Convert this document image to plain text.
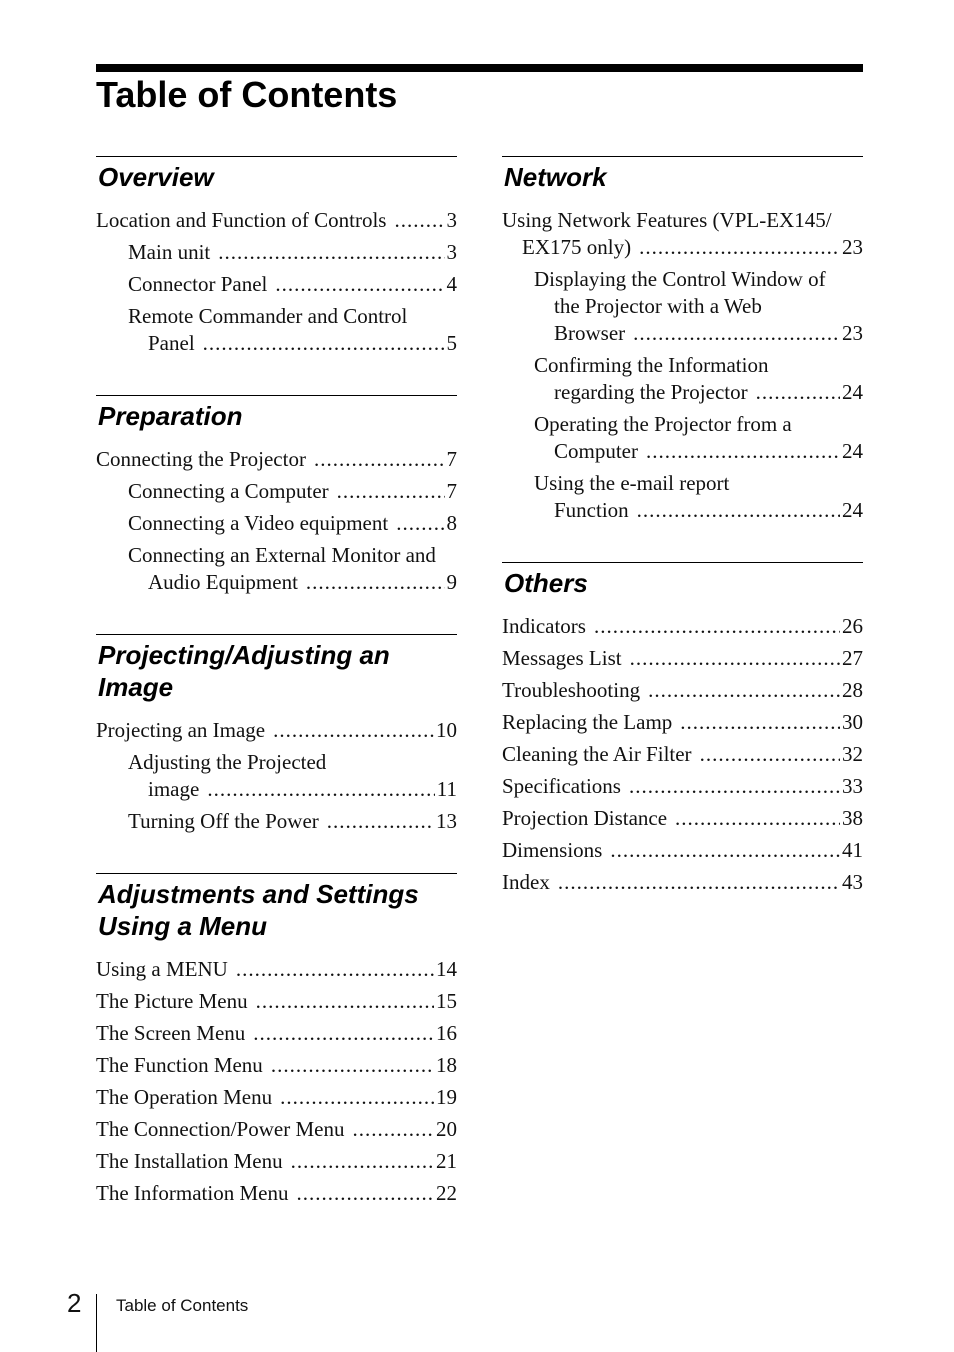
Table of Contents
Overview
Location and Function of Controls .....	3
Main unit .....	3
Connector Panel .....	4
Remote Commander and Control
Panel .....	5
Preparation
Connecting the Projector .....	7
Connecting a Computer .....	7
Connecting a Video equipment .....	8
Connecting an External Monitor and
Audio Equipment .....	9
Projecting/Adjusting an Image
Projecting an Image .....	10
Adjusting the Projected
image .....	11
Turning Off the Power .....	13
Adjustments and Settings Using a Menu
Using a MENU .....	14
The Picture Menu .....	15
The Screen Menu .....	16
The Function Menu .....	18
The Operation Menu .....	19
The Connection/Power Menu .....	20
The Installation Menu .....	21
The Information Menu .....	22
Network
Using Network Features (VPL-EX145/
EX175 only) .....	23
Displaying the Control Window of
the Projector with a Web
Browser .....	23
Confirming the Information
regarding the Projector .....	24
Operating the Projector from a
Computer .....	24
Using the e-mail report
Function .....	24
Others
Indicators .....	26
Messages List .....	27
Troubleshooting .....	28
Replacing the Lamp .....	30
Cleaning the Air Filter .....	32
Specifications .....	33
Projection Distance .....	38
Dimensions .....	41
Index .....	43
2 Table of Contents
